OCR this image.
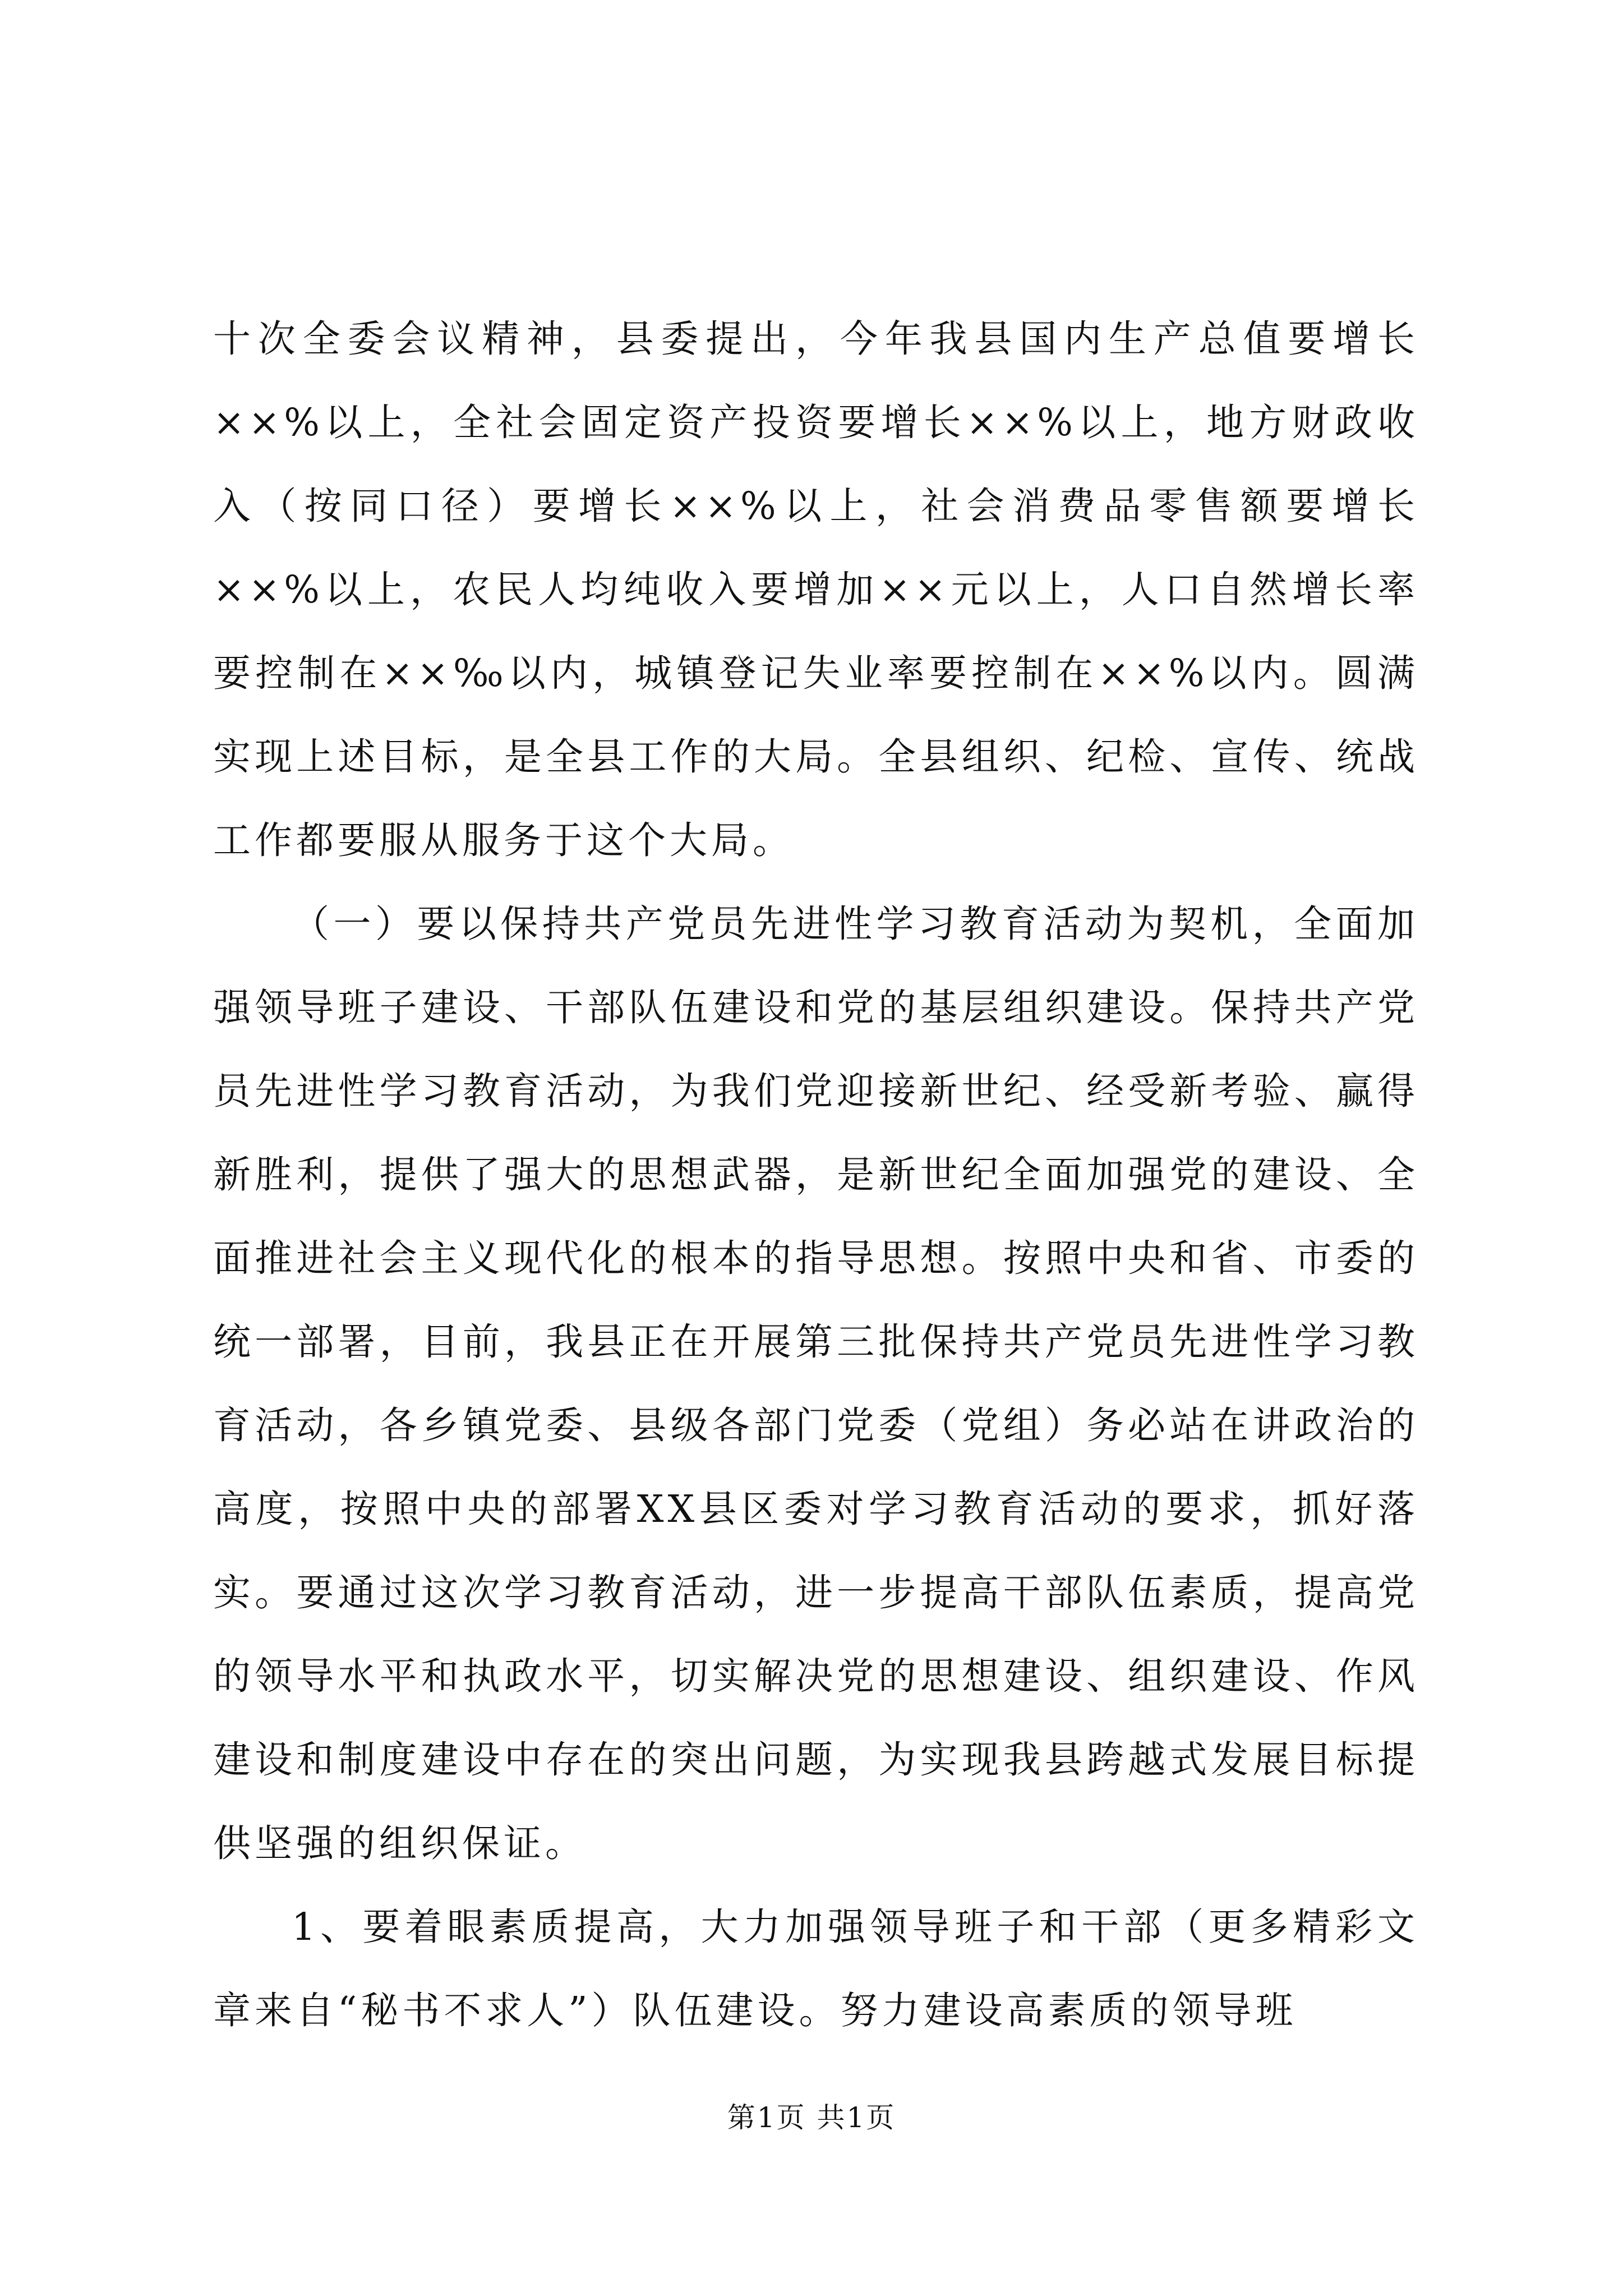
十次全委会议精神，县委提出，今年我县国内生产总值要增长××%以上，全社会固定资产投资要增长××%以上，地方财政收入（按同口径）要增长××%以上，社会消费品零售额要增长××%以上，农民人均纯收入要增加××元以上，人口自然增长率要控制在××‰以内，城镇登记失业率要控制在××%以内。圆满实现上述目标，是全县工作的大局。全县组织、纪检、宣传、统战工作都要服从服务于这个大局。

（一）要以保持共产党员先进性学习教育活动为契机，全面加强领导班子建设、干部队伍建设和党的基层组织建设。保持共产党员先进性学习教育活动，为我们党迎接新世纪、经受新考验、赢得新胜利，提供了强大的思想武器，是新世纪全面加强党的建设、全面推进社会主义现代化的根本的指导思想。按照中央和省、市委的统一部署，目前，我县正在开展第三批保持共产党员先进性学习教育活动，各乡镇党委、县级各部门党委（党组）务必站在讲政治的高度，按照中央的部署XX县区委对学习教育活动的要求，抓好落实。要通过这次学习教育活动，进一步提高干部队伍素质，提高党的领导水平和执政水平，切实解决党的思想建设、组织建设、作风建设和制度建设中存在的突出问题，为实现我县跨越式发展目标提供坚强的组织保证。

1、要着眼素质提高，大力加强领导班子和干部（更多精彩文章来自“秘书不求人”）队伍建设。努力建设高素质的领导班

第1页 共1页
